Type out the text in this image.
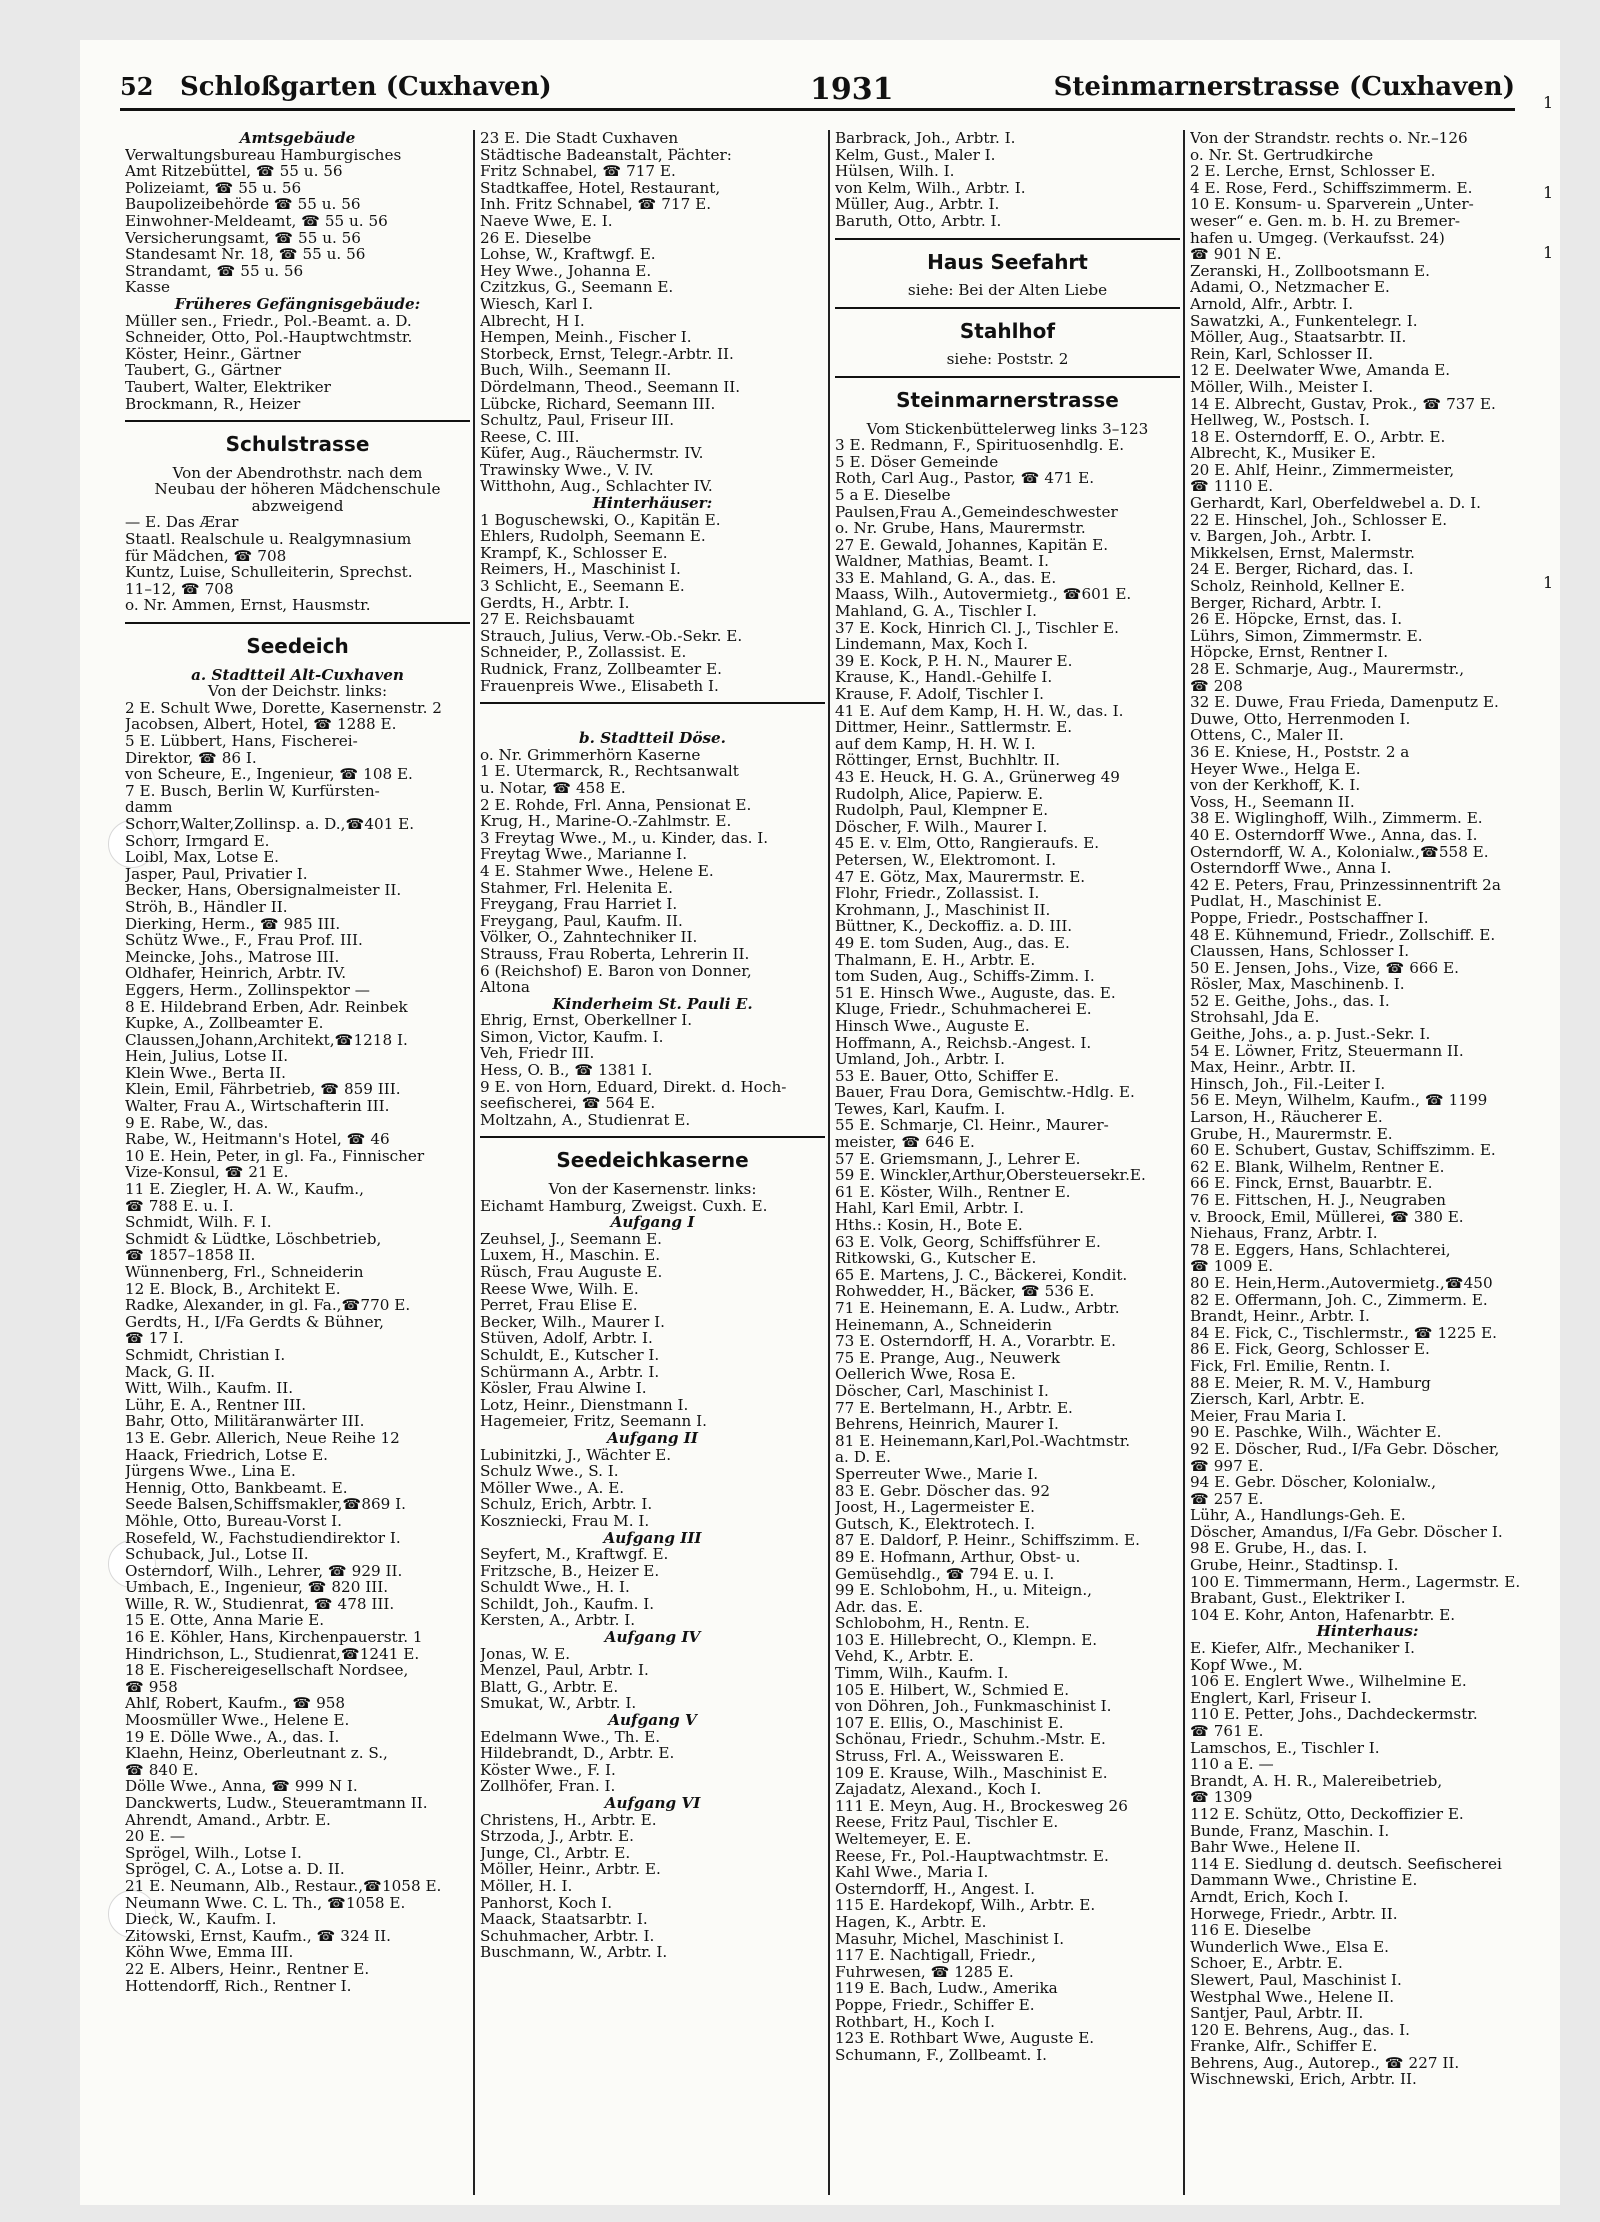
52 Schloßgarten (Cuxhaven)	1931	Steinmarnerstrasse (Cuxhaven)
1
1
1
1
Amtsgebäude
Verwaltungsbureau Hamburgisches
Amt Ritzebüttel, ☎ 55 u. 56
Polizeiamt, ☎ 55 u. 56
Baupolizeibehörde ☎ 55 u. 56
Einwohner-Meldeamt, ☎ 55 u. 56
Versicherungsamt, ☎ 55 u. 56
Standesamt Nr. 18, ☎ 55 u. 56
Strandamt, ☎ 55 u. 56
Kasse
Früheres Gefängnisgebäude:
Müller sen., Friedr., Pol.-Beamt. a. D.
Schneider, Otto, Pol.-Hauptwchtmstr.
Köster, Heinr., Gärtner
Taubert, G., Gärtner
Taubert, Walter, Elektriker
Brockmann, R., Heizer
Schulstrasse
Von der Abendrothstr. nach dem
Neubau der höheren Mädchenschule
abzweigend
— E. Das Ærar
Staatl. Realschule u. Realgymnasium
für Mädchen, ☎ 708
Kuntz, Luise, Schulleiterin, Sprechst.
11–12, ☎ 708
o. Nr. Ammen, Ernst, Hausmstr.
Seedeich
a. Stadtteil Alt-Cuxhaven
Von der Deichstr. links:
2 E. Schult Wwe, Dorette, Kasernenstr. 2
Jacobsen, Albert, Hotel, ☎ 1288 E.
5 E. Lübbert, Hans, Fischerei-
Direktor, ☎ 86 I.
von Scheure, E., Ingenieur, ☎ 108 E.
7 E. Busch, Berlin W, Kurfürsten-
damm
Schorr,Walter,Zollinsp. a. D.,☎401 E.
Schorr, Irmgard E.
Loibl, Max, Lotse E.
Jasper, Paul, Privatier I.
Becker, Hans, Obersignalmeister II.
Ströh, B., Händler II.
Dierking, Herm., ☎ 985 III.
Schütz Wwe., F., Frau Prof. III.
Meincke, Johs., Matrose III.
Oldhafer, Heinrich, Arbtr. IV.
Eggers, Herm., Zollinspektor —
8 E. Hildebrand Erben, Adr. Reinbek
Kupke, A., Zollbeamter E.
Claussen,Johann,Architekt,☎1218 I.
Hein, Julius, Lotse II.
Klein Wwe., Berta II.
Klein, Emil, Fährbetrieb, ☎ 859 III.
Walter, Frau A., Wirtschafterin III.
9 E. Rabe, W., das.
Rabe, W., Heitmann's Hotel, ☎ 46
10 E. Hein, Peter, in gl. Fa., Finnischer
Vize-Konsul, ☎ 21 E.
11 E. Ziegler, H. A. W., Kaufm.,
☎ 788 E. u. I.
Schmidt, Wilh. F. I.
Schmidt & Lüdtke, Löschbetrieb,
☎ 1857–1858 II.
Wünnenberg, Frl., Schneiderin
12 E. Block, B., Architekt E.
Radke, Alexander, in gl. Fa.,☎770 E.
Gerdts, H., I/Fa Gerdts & Bühner,
☎ 17 I.
Schmidt, Christian I.
Mack, G. II.
Witt, Wilh., Kaufm. II.
Lühr, E. A., Rentner III.
Bahr, Otto, Militäranwärter III.
13 E. Gebr. Allerich, Neue Reihe 12
Haack, Friedrich, Lotse E.
Jürgens Wwe., Lina E.
Hennig, Otto, Bankbeamt. E.
Seede Balsen,Schiffsmakler,☎869 I.
Möhle, Otto, Bureau-Vorst I.
Rosefeld, W., Fachstudiendirektor I.
Schuback, Jul., Lotse II.
Osterndorf, Wilh., Lehrer, ☎ 929 II.
Umbach, E., Ingenieur, ☎ 820 III.
Wille, R. W., Studienrat, ☎ 478 III.
15 E. Otte, Anna Marie E.
16 E. Köhler, Hans, Kirchenpauerstr. 1
Hindrichson, L., Studienrat,☎1241 E.
18 E. Fischereigesellschaft Nordsee,
☎ 958
Ahlf, Robert, Kaufm., ☎ 958
Moosmüller Wwe., Helene E.
19 E. Dölle Wwe., A., das. I.
Klaehn, Heinz, Oberleutnant z. S.,
☎ 840 E.
Dölle Wwe., Anna, ☎ 999 N I.
Danckwerts, Ludw., Steueramtmann II.
Ahrendt, Amand., Arbtr. E.
20 E. —
Sprögel, Wilh., Lotse I.
Sprögel, C. A., Lotse a. D. II.
21 E. Neumann, Alb., Restaur.,☎1058 E.
Neumann Wwe. C. L. Th., ☎1058 E.
Dieck, W., Kaufm. I.
Zitowski, Ernst, Kaufm., ☎ 324 II.
Köhn Wwe, Emma III.
22 E. Albers, Heinr., Rentner E.
Hottendorff, Rich., Rentner I.
23 E. Die Stadt Cuxhaven
Städtische Badeanstalt, Pächter:
Fritz Schnabel, ☎ 717 E.
Stadtkaffee, Hotel, Restaurant,
Inh. Fritz Schnabel, ☎ 717 E.
Naeve Wwe, E. I.
26 E. Dieselbe
Lohse, W., Kraftwgf. E.
Hey Wwe., Johanna E.
Czitzkus, G., Seemann E.
Wiesch, Karl I.
Albrecht, H I.
Hempen, Meinh., Fischer I.
Storbeck, Ernst, Telegr.-Arbtr. II.
Buch, Wilh., Seemann II.
Dördelmann, Theod., Seemann II.
Lübcke, Richard, Seemann III.
Schultz, Paul, Friseur III.
Reese, C. III.
Küfer, Aug., Räuchermstr. IV.
Trawinsky Wwe., V. IV.
Witthohn, Aug., Schlachter IV.
Hinterhäuser:
1 Boguschewski, O., Kapitän E.
Ehlers, Rudolph, Seemann E.
Krampf, K., Schlosser E.
Reimers, H., Maschinist I.
3 Schlicht, E., Seemann E.
Gerdts, H., Arbtr. I.
27 E. Reichsbauamt
Strauch, Julius, Verw.-Ob.-Sekr. E.
Schneider, P., Zollassist. E.
Rudnick, Franz, Zollbeamter E.
Frauenpreis Wwe., Elisabeth I.
b. Stadtteil Döse.
o. Nr. Grimmerhörn Kaserne
1 E. Utermarck, R., Rechtsanwalt
u. Notar, ☎ 458 E.
2 E. Rohde, Frl. Anna, Pensionat E.
Krug, H., Marine-O.-Zahlmstr. E.
3 Freytag Wwe., M., u. Kinder, das. I.
Freytag Wwe., Marianne I.
4 E. Stahmer Wwe., Helene E.
Stahmer, Frl. Helenita E.
Freygang, Frau Harriet I.
Freygang, Paul, Kaufm. II.
Völker, O., Zahntechniker II.
Strauss, Frau Roberta, Lehrerin II.
6 (Reichshof) E. Baron von Donner,
Altona
Kinderheim St. Pauli E.
Ehrig, Ernst, Oberkellner I.
Simon, Victor, Kaufm. I.
Veh, Friedr III.
Hess, O. B., ☎ 1381 I.
9 E. von Horn, Eduard, Direkt. d. Hoch-
seefischerei, ☎ 564 E.
Moltzahn, A., Studienrat E.
Seedeichkaserne
Von der Kasernenstr. links:
Eichamt Hamburg, Zweigst. Cuxh. E.
Aufgang I
Zeuhsel, J., Seemann E.
Luxem, H., Maschin. E.
Rüsch, Frau Auguste E.
Reese Wwe, Wilh. E.
Perret, Frau Elise E.
Becker, Wilh., Maurer I.
Stüven, Adolf, Arbtr. I.
Schuldt, E., Kutscher I.
Schürmann A., Arbtr. I.
Kösler, Frau Alwine I.
Lotz, Heinr., Dienstmann I.
Hagemeier, Fritz, Seemann I.
Aufgang II
Lubinitzki, J., Wächter E.
Schulz Wwe., S. I.
Möller Wwe., A. E.
Schulz, Erich, Arbtr. I.
Koszniecki, Frau M. I.
Aufgang III
Seyfert, M., Kraftwgf. E.
Fritzsche, B., Heizer E.
Schuldt Wwe., H. I.
Schildt, Joh., Kaufm. I.
Kersten, A., Arbtr. I.
Aufgang IV
Jonas, W. E.
Menzel, Paul, Arbtr. I.
Blatt, G., Arbtr. E.
Smukat, W., Arbtr. I.
Aufgang V
Edelmann Wwe., Th. E.
Hildebrandt, D., Arbtr. E.
Köster Wwe., F. I.
Zollhöfer, Fran. I.
Aufgang VI
Christens, H., Arbtr. E.
Strzoda, J., Arbtr. E.
Junge, Cl., Arbtr. E.
Möller, Heinr., Arbtr. E.
Möller, H. I.
Panhorst, Koch I.
Maack, Staatsarbtr. I.
Schuhmacher, Arbtr. I.
Buschmann, W., Arbtr. I.
Barbrack, Joh., Arbtr. I.
Kelm, Gust., Maler I.
Hülsen, Wilh. I.
von Kelm, Wilh., Arbtr. I.
Müller, Aug., Arbtr. I.
Baruth, Otto, Arbtr. I.
Haus Seefahrt
siehe: Bei der Alten Liebe
Stahlhof
siehe: Poststr. 2
Steinmarnerstrasse
Vom Stickenbüttelerweg links 3–123
3 E. Redmann, F., Spirituosenhdlg. E.
5 E. Döser Gemeinde
Roth, Carl Aug., Pastor, ☎ 471 E.
5 a E. Dieselbe
Paulsen,Frau A.,Gemeindeschwester
o. Nr. Grube, Hans, Maurermstr.
27 E. Gewald, Johannes, Kapitän E.
Waldner, Mathias, Beamt. I.
33 E. Mahland, G. A., das. E.
Maass, Wilh., Autovermietg., ☎601 E.
Mahland, G. A., Tischler I.
37 E. Kock, Hinrich Cl. J., Tischler E.
Lindemann, Max, Koch I.
39 E. Kock, P. H. N., Maurer E.
Krause, K., Handl.-Gehilfe I.
Krause, F. Adolf, Tischler I.
41 E. Auf dem Kamp, H. H. W., das. I.
Dittmer, Heinr., Sattlermstr. E.
auf dem Kamp, H. H. W. I.
Röttinger, Ernst, Buchhltr. II.
43 E. Heuck, H. G. A., Grünerweg 49
Rudolph, Alice, Papierw. E.
Rudolph, Paul, Klempner E.
Döscher, F. Wilh., Maurer I.
45 E. v. Elm, Otto, Rangieraufs. E.
Petersen, W., Elektromont. I.
47 E. Götz, Max, Maurermstr. E.
Flohr, Friedr., Zollassist. I.
Krohmann, J., Maschinist II.
Büttner, K., Deckoffiz. a. D. III.
49 E. tom Suden, Aug., das. E.
Thalmann, E. H., Arbtr. E.
tom Suden, Aug., Schiffs-Zimm. I.
51 E. Hinsch Wwe., Auguste, das. E.
Kluge, Friedr., Schuhmacherei E.
Hinsch Wwe., Auguste E.
Hoffmann, A., Reichsb.-Angest. I.
Umland, Joh., Arbtr. I.
53 E. Bauer, Otto, Schiffer E.
Bauer, Frau Dora, Gemischtw.-Hdlg. E.
Tewes, Karl, Kaufm. I.
55 E. Schmarje, Cl. Heinr., Maurer-
meister, ☎ 646 E.
57 E. Griemsmann, J., Lehrer E.
59 E. Winckler,Arthur,Obersteuersekr.E.
61 E. Köster, Wilh., Rentner E.
Hahl, Karl Emil, Arbtr. I.
Hths.: Kosin, H., Bote E.
63 E. Volk, Georg, Schiffsführer E.
Ritkowski, G., Kutscher E.
65 E. Martens, J. C., Bäckerei, Kondit.
Rohwedder, H., Bäcker, ☎ 536 E.
71 E. Heinemann, E. A. Ludw., Arbtr.
Heinemann, A., Schneiderin
73 E. Osterndorff, H. A., Vorarbtr. E.
75 E. Prange, Aug., Neuwerk
Oellerich Wwe, Rosa E.
Döscher, Carl, Maschinist I.
77 E. Bertelmann, H., Arbtr. E.
Behrens, Heinrich, Maurer I.
81 E. Heinemann,Karl,Pol.-Wachtmstr.
a. D. E.
Sperreuter Wwe., Marie I.
83 E. Gebr. Döscher das. 92
Joost, H., Lagermeister E.
Gutsch, K., Elektrotech. I.
87 E. Daldorf, P. Heinr., Schiffszimm. E.
89 E. Hofmann, Arthur, Obst- u.
Gemüsehdlg., ☎ 794 E. u. I.
99 E. Schlobohm, H., u. Miteign.,
Adr. das. E.
Schlobohm, H., Rentn. E.
103 E. Hillebrecht, O., Klempn. E.
Vehd, K., Arbtr. E.
Timm, Wilh., Kaufm. I.
105 E. Hilbert, W., Schmied E.
von Döhren, Joh., Funkmaschinist I.
107 E. Ellis, O., Maschinist E.
Schönau, Friedr., Schuhm.-Mstr. E.
Struss, Frl. A., Weisswaren E.
109 E. Krause, Wilh., Maschinist E.
Zajadatz, Alexand., Koch I.
111 E. Meyn, Aug. H., Brockesweg 26
Reese, Fritz Paul, Tischler E.
Weltemeyer, E. E.
Reese, Fr., Pol.-Hauptwachtmstr. E.
Kahl Wwe., Maria I.
Osterndorff, H., Angest. I.
115 E. Hardekopf, Wilh., Arbtr. E.
Hagen, K., Arbtr. E.
Masuhr, Michel, Maschinist I.
117 E. Nachtigall, Friedr.,
Fuhrwesen, ☎ 1285 E.
119 E. Bach, Ludw., Amerika
Poppe, Friedr., Schiffer E.
Rothbart, H., Koch I.
123 E. Rothbart Wwe, Auguste E.
Schumann, F., Zollbeamt. I.
Von der Strandstr. rechts o. Nr.–126
o. Nr. St. Gertrudkirche
2 E. Lerche, Ernst, Schlosser E.
4 E. Rose, Ferd., Schiffszimmerm. E.
10 E. Konsum- u. Sparverein „Unter-
weser“ e. Gen. m. b. H. zu Bremer-
hafen u. Umgeg. (Verkaufsst. 24)
☎ 901 N E.
Zeranski, H., Zollbootsmann E.
Adami, O., Netzmacher E.
Arnold, Alfr., Arbtr. I.
Sawatzki, A., Funkentelegr. I.
Möller, Aug., Staatsarbtr. II.
Rein, Karl, Schlosser II.
12 E. Deelwater Wwe, Amanda E.
Möller, Wilh., Meister I.
14 E. Albrecht, Gustav, Prok., ☎ 737 E.
Hellweg, W., Postsch. I.
18 E. Osterndorff, E. O., Arbtr. E.
Albrecht, K., Musiker E.
20 E. Ahlf, Heinr., Zimmermeister,
☎ 1110 E.
Gerhardt, Karl, Oberfeldwebel a. D. I.
22 E. Hinschel, Joh., Schlosser E.
v. Bargen, Joh., Arbtr. I.
Mikkelsen, Ernst, Malermstr.
24 E. Berger, Richard, das. I.
Scholz, Reinhold, Kellner E.
Berger, Richard, Arbtr. I.
26 E. Höpcke, Ernst, das. I.
Lührs, Simon, Zimmermstr. E.
Höpcke, Ernst, Rentner I.
28 E. Schmarje, Aug., Maurermstr.,
☎ 208
32 E. Duwe, Frau Frieda, Damenputz E.
Duwe, Otto, Herrenmoden I.
Ottens, C., Maler II.
36 E. Kniese, H., Poststr. 2 a
Heyer Wwe., Helga E.
von der Kerkhoff, K. I.
Voss, H., Seemann II.
38 E. Wiglinghoff, Wilh., Zimmerm. E.
40 E. Osterndorff Wwe., Anna, das. I.
Osterndorff, W. A., Kolonialw.,☎558 E.
Osterndorff Wwe., Anna I.
42 E. Peters, Frau, Prinzessinnentrift 2a
Pudlat, H., Maschinist E.
Poppe, Friedr., Postschaffner I.
48 E. Kühnemund, Friedr., Zollschiff. E.
Claussen, Hans, Schlosser I.
50 E. Jensen, Johs., Vize, ☎ 666 E.
Rösler, Max, Maschinenb. I.
52 E. Geithe, Johs., das. I.
Strohsahl, Jda E.
Geithe, Johs., a. p. Just.-Sekr. I.
54 E. Löwner, Fritz, Steuermann II.
Max, Heinr., Arbtr. II.
Hinsch, Joh., Fil.-Leiter I.
56 E. Meyn, Wilhelm, Kaufm., ☎ 1199
Larson, H., Räucherer E.
Grube, H., Maurermstr. E.
60 E. Schubert, Gustav, Schiffszimm. E.
62 E. Blank, Wilhelm, Rentner E.
66 E. Finck, Ernst, Bauarbtr. E.
76 E. Fittschen, H. J., Neugraben
v. Broock, Emil, Müllerei, ☎ 380 E.
Niehaus, Franz, Arbtr. I.
78 E. Eggers, Hans, Schlachterei,
☎ 1009 E.
80 E. Hein,Herm.,Autovermietg.,☎450
82 E. Offermann, Joh. C., Zimmerm. E.
Brandt, Heinr., Arbtr. I.
84 E. Fick, C., Tischlermstr., ☎ 1225 E.
86 E. Fick, Georg, Schlosser E.
Fick, Frl. Emilie, Rentn. I.
88 E. Meier, R. M. V., Hamburg
Ziersch, Karl, Arbtr. E.
Meier, Frau Maria I.
90 E. Paschke, Wilh., Wächter E.
92 E. Döscher, Rud., I/Fa Gebr. Döscher,
☎ 997 E.
94 E. Gebr. Döscher, Kolonialw.,
☎ 257 E.
Lühr, A., Handlungs-Geh. E.
Döscher, Amandus, I/Fa Gebr. Döscher I.
98 E. Grube, H., das. I.
Grube, Heinr., Stadtinsp. I.
100 E. Timmermann, Herm., Lagermstr. E.
Brabant, Gust., Elektriker I.
104 E. Kohr, Anton, Hafenarbtr. E.
Hinterhaus:
E. Kiefer, Alfr., Mechaniker I.
Kopf Wwe., M.
106 E. Englert Wwe., Wilhelmine E.
Englert, Karl, Friseur I.
110 E. Petter, Johs., Dachdeckermstr.
☎ 761 E.
Lamschos, E., Tischler I.
110 a E. —
Brandt, A. H. R., Malereibetrieb,
☎ 1309
112 E. Schütz, Otto, Deckoffizier E.
Bunde, Franz, Maschin. I.
Bahr Wwe., Helene II.
114 E. Siedlung d. deutsch. Seefischerei
Dammann Wwe., Christine E.
Arndt, Erich, Koch I.
Horwege, Friedr., Arbtr. II.
116 E. Dieselbe
Wunderlich Wwe., Elsa E.
Schoer, E., Arbtr. E.
Slewert, Paul, Maschinist I.
Westphal Wwe., Helene II.
Santjer, Paul, Arbtr. II.
120 E. Behrens, Aug., das. I.
Franke, Alfr., Schiffer E.
Behrens, Aug., Autorep., ☎ 227 II.
Wischnewski, Erich, Arbtr. II.
